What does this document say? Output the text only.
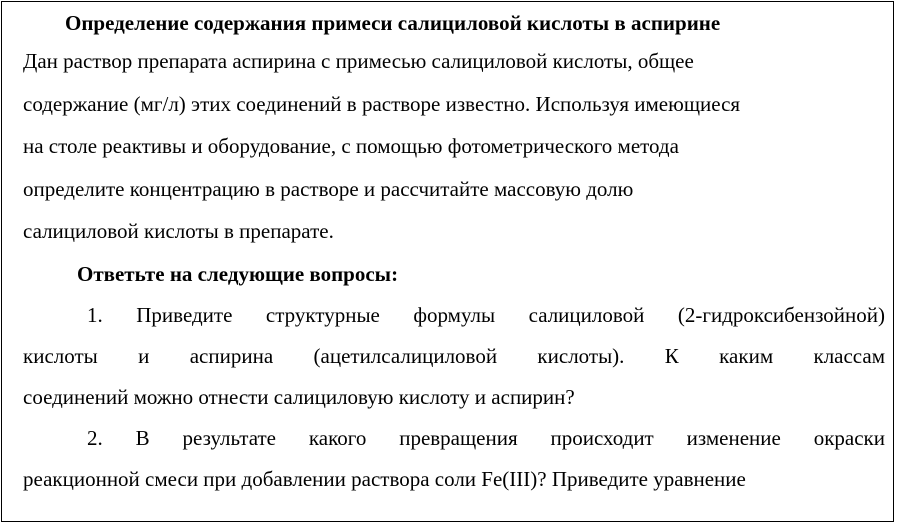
Определение содержания примеси салициловой кислоты в аспирине

Дан раствор препарата аспирина с примесью салициловой кислоты, общее
содержание (мг/л) этих соединений в растворе известно. Используя имеющиеся
на столе реактивы и оборудование, с помощью фотометрического метода
определите концентрацию в растворе и рассчитайте массовую долю
салициловой кислоты в препарате.

Ответьте на следующие вопросы:

1. Приведите структурные формулы салициловой (2-гидроксибензойной)
кислоты и аспирина (ацетилсалициловой кислоты). К каким классам
соединений можно отнести салициловую кислоту и аспирин?

2. В результате какого превращения происходит изменение окраски
реакционной смеси при добавлении раствора соли Fe(III)? Приведите уравнение
